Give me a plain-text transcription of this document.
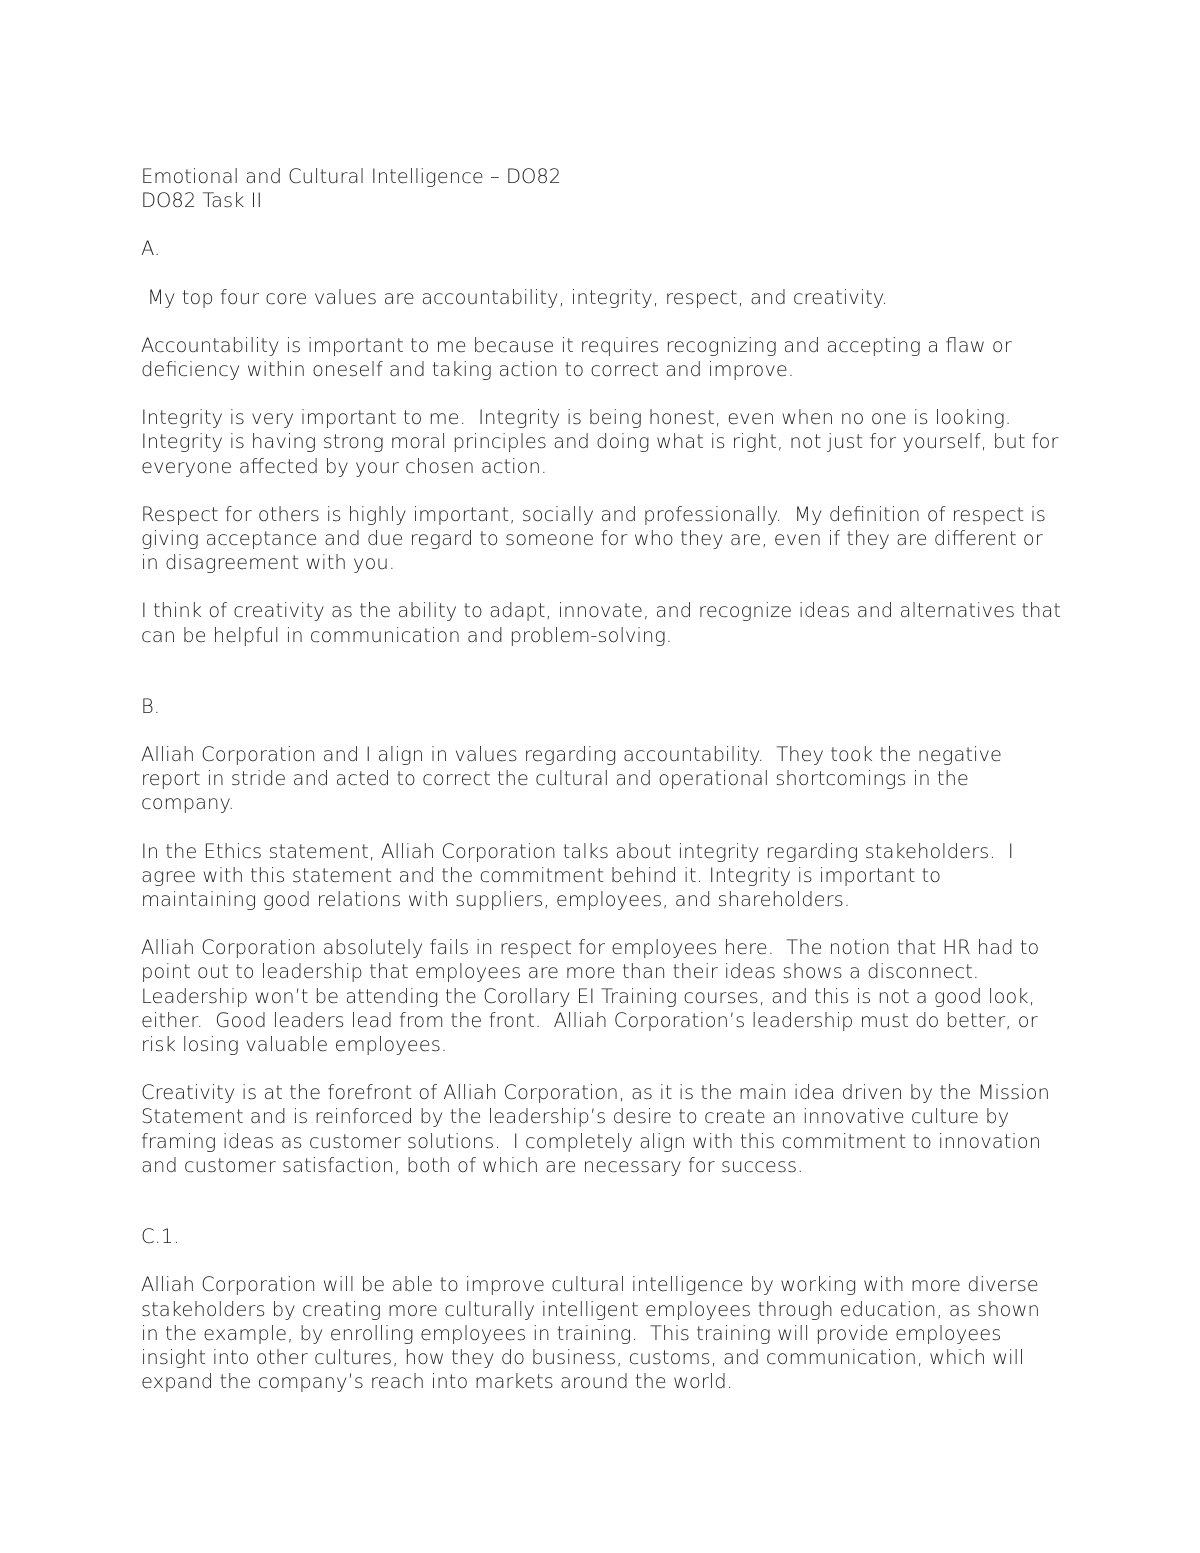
Emotional and Cultural Intelligence – DO82

DO82 Task II

A.

My top four core values are accountability, integrity, respect, and creativity.

Accountability is important to me because it requires recognizing and accepting a flaw or deficiency within oneself and taking action to correct and improve.

Integrity is very important to me.  Integrity is being honest, even when no one is looking.  Integrity is having strong moral principles and doing what is right, not just for yourself, but for everyone affected by your chosen action.

Respect for others is highly important, socially and professionally.  My definition of respect is giving acceptance and due regard to someone for who they are, even if they are different or in disagreement with you.

I think of creativity as the ability to adapt, innovate, and recognize ideas and alternatives that can be helpful in communication and problem-solving.

B.

Alliah Corporation and I align in values regarding accountability.  They took the negative report in stride and acted to correct the cultural and operational shortcomings in the company.

In the Ethics statement, Alliah Corporation talks about integrity regarding stakeholders.  I agree with this statement and the commitment behind it. Integrity is important to maintaining good relations with suppliers, employees, and shareholders.

Alliah Corporation absolutely fails in respect for employees here.  The notion that HR had to point out to leadership that employees are more than their ideas shows a disconnect.  Leadership won’t be attending the Corollary EI Training courses, and this is not a good look, either.  Good leaders lead from the front.  Alliah Corporation’s leadership must do better, or risk losing valuable employees.

Creativity is at the forefront of Alliah Corporation, as it is the main idea driven by the Mission Statement and is reinforced by the leadership’s desire to create an innovative culture by framing ideas as customer solutions.  I completely align with this commitment to innovation and customer satisfaction, both of which are necessary for success.

C.1.

Alliah Corporation will be able to improve cultural intelligence by working with more diverse stakeholders by creating more culturally intelligent employees through education, as shown in the example, by enrolling employees in training.  This training will provide employees insight into other cultures, how they do business, customs, and communication, which will expand the company’s reach into markets around the world.
